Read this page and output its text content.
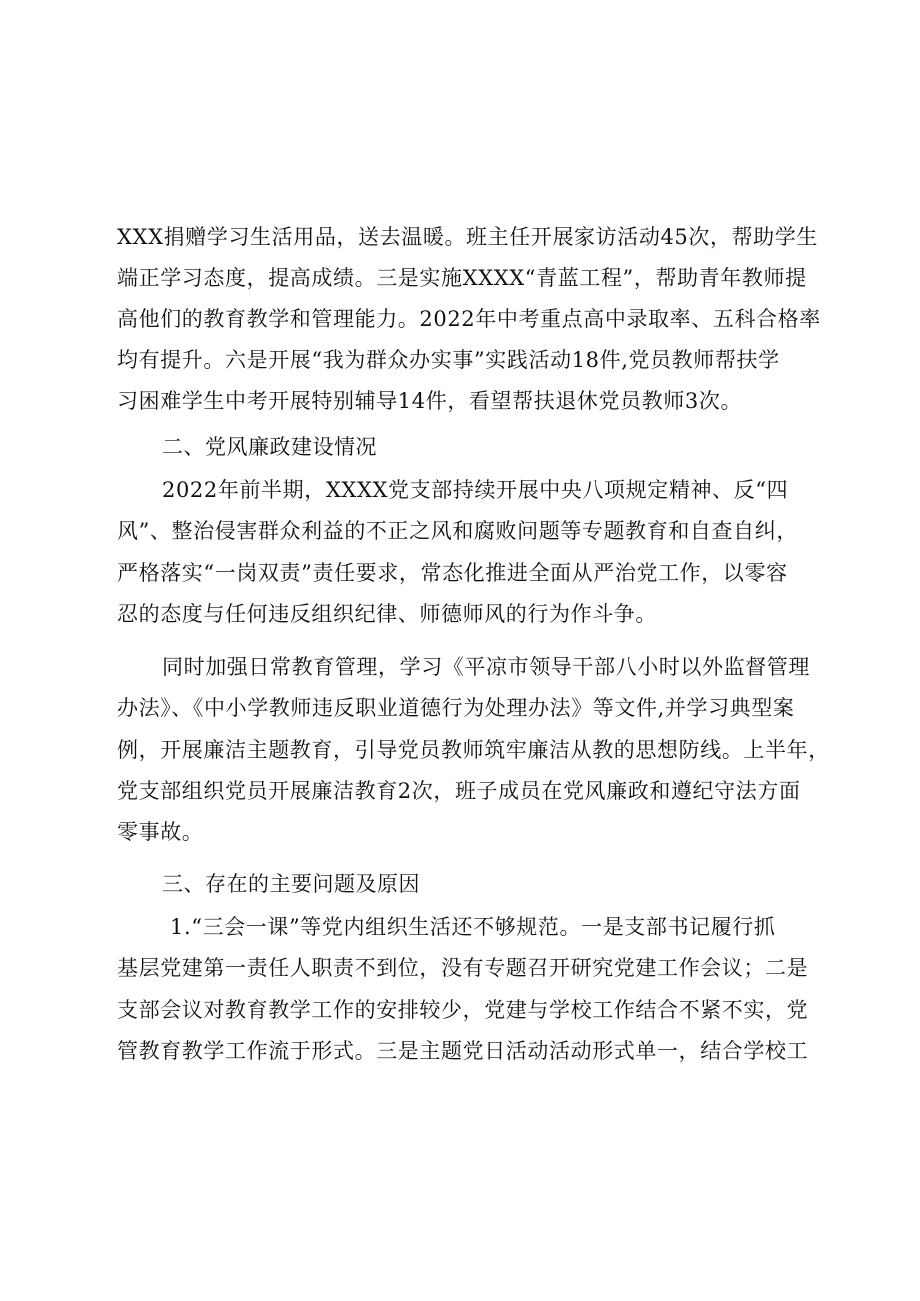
XXX捐赠学习生活用品，送去温暖。班主任开展家访活动45次，帮助学生
端正学习态度，提高成绩。三是实施XXXX“青蓝工程”，帮助青年教师提
高他们的教育教学和管理能力。2022年中考重点高中录取率、五科合格率
均有提升。六是开展“我为群众办实事”实践活动18件,党员教师帮扶学
习困难学生中考开展特别辅导14件，看望帮扶退休党员教师3次。
二、党风廉政建设情况
2022年前半期，XXXX党支部持续开展中央八项规定精神、反“四
风”、整治侵害群众利益的不正之风和腐败问题等专题教育和自查自纠，
严格落实“一岗双责”责任要求，常态化推进全面从严治党工作，以零容
忍的态度与任何违反组织纪律、师德师风的行为作斗争。
同时加强日常教育管理，学习《平凉市领导干部八小时以外监督管理
办法》、《中小学教师违反职业道德行为处理办法》等文件,并学习典型案
例，开展廉洁主题教育，引导党员教师筑牢廉洁从教的思想防线。上半年，
党支部组织党员开展廉洁教育2次，班子成员在党风廉政和遵纪守法方面
零事故。
三、存在的主要问题及原因
1.“三会一课”等党内组织生活还不够规范。一是支部书记履行抓
基层党建第一责任人职责不到位，没有专题召开研究党建工作会议；二是
支部会议对教育教学工作的安排较少，党建与学校工作结合不紧不实，党
管教育教学工作流于形式。三是主题党日活动活动形式单一，结合学校工
